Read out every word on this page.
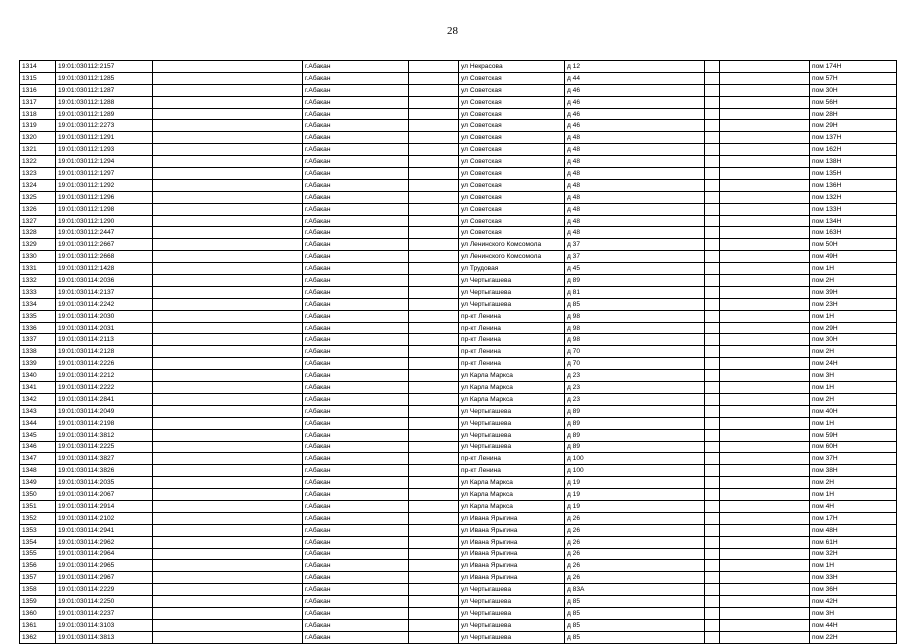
28
1314	19:01:030112:2157		г.Абакан		ул Некрасова	д 12			пом 174Н
1315	19:01:030112:1285		г.Абакан		ул Советская	д 44			пом 57Н
1316	19:01:030112:1287		г.Абакан		ул Советская	д 46			пом 30Н
1317	19:01:030112:1288		г.Абакан		ул Советская	д 46			пом 56Н
1318	19:01:030112:1289		г.Абакан		ул Советская	д 46			пом 28Н
1319	19:01:030112:2273		г.Абакан		ул Советская	д 46			пом 29Н
1320	19:01:030112:1291		г.Абакан		ул Советская	д 48			пом 137Н
1321	19:01:030112:1293		г.Абакан		ул Советская	д 48			пом 162Н
1322	19:01:030112:1294		г.Абакан		ул Советская	д 48			пом 138Н
1323	19:01:030112:1297		г.Абакан		ул Советская	д 48			пом 135Н
1324	19:01:030112:1292		г.Абакан		ул Советская	д 48			пом 136Н
1325	19:01:030112:1296		г.Абакан		ул Советская	д 48			пом 132Н
1326	19:01:030112:1298		г.Абакан		ул Советская	д 48			пом 133Н
1327	19:01:030112:1290		г.Абакан		ул Советская	д 48			пом 134Н
1328	19:01:030112:2447		г.Абакан		ул Советская	д 48			пом 163Н
1329	19:01:030112:2667		г.Абакан		ул Ленинского Комсомола	д 37			пом 50Н
1330	19:01:030112:2668		г.Абакан		ул Ленинского Комсомола	д 37			пом 49Н
1331	19:01:030112:1428		г.Абакан		ул Трудовая	д 45			пом 1Н
1332	19:01:030114:2036		г.Абакан		ул Чертыгашева	д 89			пом 2Н
1333	19:01:030114:2137		г.Абакан		ул Чертыгашева	д 81			пом 39Н
1334	19:01:030114:2242		г.Абакан		ул Чертыгашева	д 85			пом 23Н
1335	19:01:030114:2030		г.Абакан		пр-кт Ленина	д 98			пом 1Н
1336	19:01:030114:2031		г.Абакан		пр-кт Ленина	д 98			пом 29Н
1337	19:01:030114:2113		г.Абакан		пр-кт Ленина	д 98			пом 30Н
1338	19:01:030114:2128		г.Абакан		пр-кт Ленина	д 70			пом 2Н
1339	19:01:030114:2226		г.Абакан		пр-кт Ленина	д 70			пом 24Н
1340	19:01:030114:2212		г.Абакан		ул Карла Маркса	д 23			пом 3Н
1341	19:01:030114:2222		г.Абакан		ул Карла Маркса	д 23			пом 1Н
1342	19:01:030114:2841		г.Абакан		ул Карла Маркса	д 23			пом 2Н
1343	19:01:030114:2049		г.Абакан		ул Чертыгашева	д 89			пом 40Н
1344	19:01:030114:2198		г.Абакан		ул Чертыгашева	д 89			пом 1Н
1345	19:01:030114:3812		г.Абакан		ул Чертыгашева	д 89			пом 59Н
1346	19:01:030114:2225		г.Абакан		ул Чертыгашева	д 89			пом 60Н
1347	19:01:030114:3827		г.Абакан		пр-кт Ленина	д 100			пом 37Н
1348	19:01:030114:3826		г.Абакан		пр-кт Ленина	д 100			пом 38Н
1349	19:01:030114:2035		г.Абакан		ул Карла Маркса	д 19			пом 2Н
1350	19:01:030114:2067		г.Абакан		ул Карла Маркса	д 19			пом 1Н
1351	19:01:030114:2914		г.Абакан		ул Карла Маркса	д 19			пом 4Н
1352	19:01:030114:2102		г.Абакан		ул Ивана Ярыгина	д 26			пом 17Н
1353	19:01:030114:2941		г.Абакан		ул Ивана Ярыгина	д 26			пом 48Н
1354	19:01:030114:2962		г.Абакан		ул Ивана Ярыгина	д 26			пом 61Н
1355	19:01:030114:2964		г.Абакан		ул Ивана Ярыгина	д 26			пом 32Н
1356	19:01:030114:2965		г.Абакан		ул Ивана Ярыгина	д 26			пом 1Н
1357	19:01:030114:2967		г.Абакан		ул Ивана Ярыгина	д 26			пом 33Н
1358	19:01:030114:2229		г.Абакан		ул Чертыгашева	д 83А			пом 36Н
1359	19:01:030114:2250		г.Абакан		ул Чертыгашева	д 85			пом 42Н
1360	19:01:030114:2237		г.Абакан		ул Чертыгашева	д 85			пом 3Н
1361	19:01:030114:3103		г.Абакан		ул Чертыгашева	д 85			пом 44Н
1362	19:01:030114:3813		г.Абакан		ул Чертыгашева	д 85			пом 22Н
